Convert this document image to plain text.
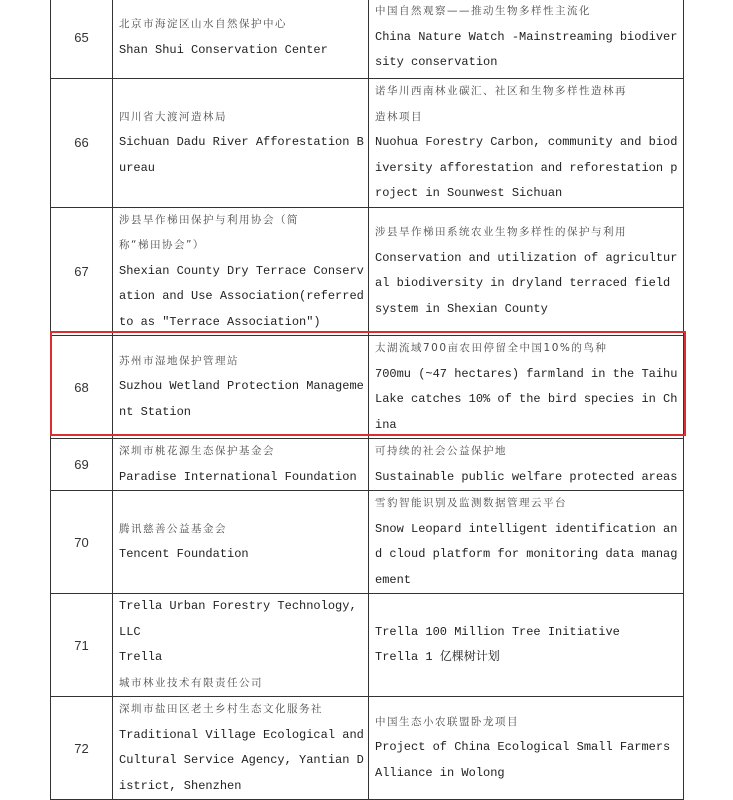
65	北京市海淀区山水自然保护中心
Shan Shui Conservation Center	中国自然观察——推动生物多样性主流化
China Nature Watch -Mainstreaming biodiver
sity conservation

66	四川省大渡河造林局
Sichuan Dadu River Afforestation B
ureau	诺华川西南林业碳汇、社区和生物多样性造林再
造林项目
Nuohua Forestry Carbon, community and biod
iversity afforestation and reforestation p
roject in Sounwest Sichuan

67	涉县旱作梯田保护与利用协会（简
称“梯田协会”）
Shexian County Dry Terrace Conserv
ation and Use Association(referred
to as "Terrace Association")	涉县旱作梯田系统农业生物多样性的保护与利用
Conservation and utilization of agricultur
al biodiversity in dryland terraced field
system in Shexian County

68	苏州市湿地保护管理站
Suzhou Wetland Protection Manageme
nt Station	太湖流域700亩农田停留全中国10%的鸟种
700mu (~47 hectares) farmland in the Taihu
Lake catches 10% of the bird species in Ch
ina

69	深圳市桃花源生态保护基金会
Paradise International Foundation	可持续的社会公益保护地
Sustainable public welfare protected areas

70	腾讯慈善公益基金会
Tencent Foundation	雪豹智能识别及监测数据管理云平台
Snow Leopard intelligent identification an
d cloud platform for monitoring data manag
ement

71	Trella Urban Forestry Technology,
LLC
Trella
城市林业技术有限责任公司	Trella 100 Million Tree Initiative
Trella 1 亿棵树计划

72	深圳市盐田区老土乡村生态文化服务社
Traditional Village Ecological and
Cultural Service Agency, Yantian D
istrict, Shenzhen	中国生态小农联盟卧龙项目
Project of China Ecological Small Farmers
Alliance in Wolong
